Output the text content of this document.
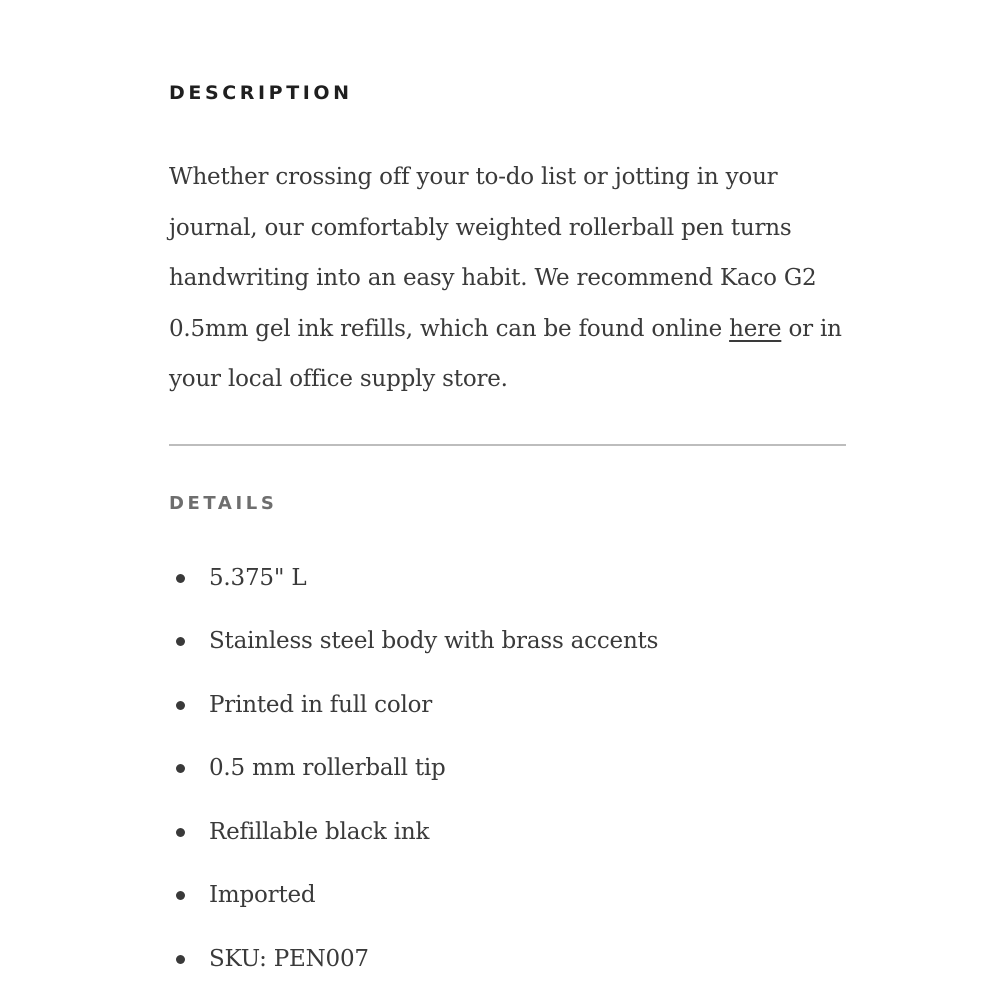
DESCRIPTION

Whether crossing off your to-do list or jotting in your journal, our comfortably weighted rollerball pen turns handwriting into an easy habit. We recommend Kaco G2 0.5mm gel ink refills, which can be found online here or in your local office supply store.

DETAILS
5.375" L
Stainless steel body with brass accents
Printed in full color
0.5 mm rollerball tip
Refillable black ink
Imported
SKU: PEN007
